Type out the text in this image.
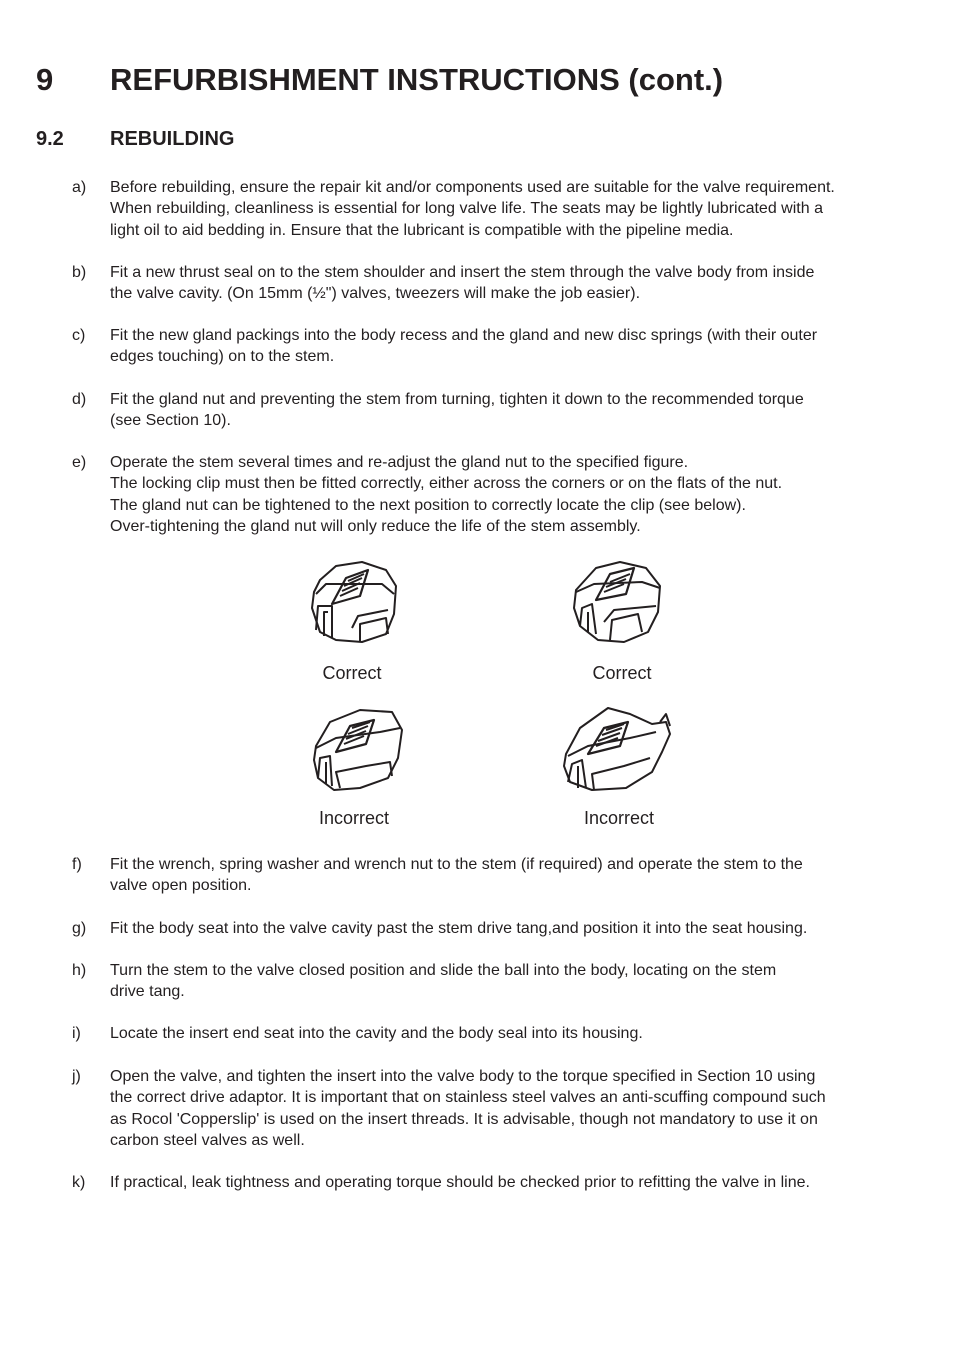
9 REFURBISHMENT INSTRUCTIONS (cont.)
9.2 REBUILDING
a) Before rebuilding, ensure the repair kit and/or components used are suitable for the valve requirement.
When rebuilding, cleanliness is essential for long valve life. The seats may be lightly lubricated with a
light oil to aid bedding in. Ensure that the lubricant is compatible with the pipeline media.
b) Fit a new thrust seal on to the stem shoulder and insert the stem through the valve body from inside
the valve cavity. (On 15mm (½") valves, tweezers will make the job easier).
c) Fit the new gland packings into the body recess and the gland and new disc springs (with their outer
edges touching) on to the stem.
d) Fit the gland nut and preventing the stem from turning, tighten it down to the recommended torque
(see Section 10).
e) Operate the stem several times and re-adjust the gland nut to the specified figure.
The locking clip must then be fitted correctly, either across the corners or on the flats of the nut.
The gland nut can be tightened to the next position to correctly locate the clip (see below).
Over-tightening the gland nut will only reduce the life of the stem assembly.
Correct	Correct
Incorrect	Incorrect
f) Fit the wrench, spring washer and wrench nut to the stem (if required) and operate the stem to the
valve open position.
g) Fit the body seat into the valve cavity past the stem drive tang,and position it into the seat housing.
h) Turn the stem to the valve closed position and slide the ball into the body, locating on the stem
drive tang.
i) Locate the insert end seat into the cavity and the body seal into its housing.
j) Open the valve, and tighten the insert into the valve body to the torque specified in Section 10 using
the correct drive adaptor. It is important that on stainless steel valves an anti-scuffing compound such
as Rocol 'Copperslip' is used on the insert threads. It is advisable, though not mandatory to use it on
carbon steel valves as well.
k) If practical, leak tightness and operating torque should be checked prior to refitting the valve in line.
